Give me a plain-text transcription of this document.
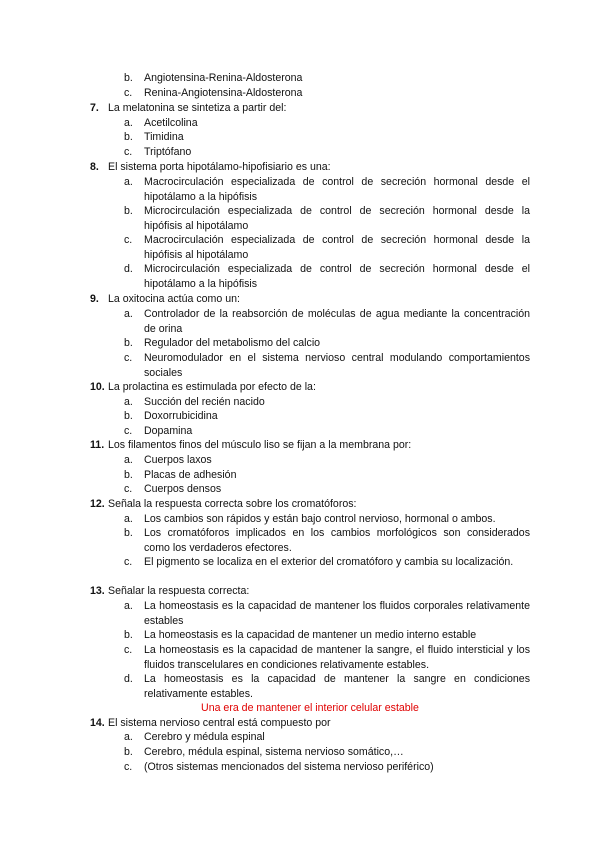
b.	Angiotensina-Renina-Aldosterona
c.	Renina-Angiotensina-Aldosterona
7. La melatonina se sintetiza a partir del:
a.	Acetilcolina
b.	Timidina
c.	Triptófano
8. El sistema porta hipotálamo-hipofisiario es una:
a.	Macrocirculación especializada de control de secreción hormonal desde el hipotálamo a la hipófisis
b.	Microcirculación especializada de control de secreción hormonal desde la hipófisis al hipotálamo
c.	Macrocirculación especializada de control de secreción hormonal desde la hipófisis al hipotálamo
d.	Microcirculación especializada de control de secreción hormonal desde el hipotálamo a la hipófisis
9. La oxitocina actúa como un:
a.	Controlador de la reabsorción de moléculas de agua mediante la concentración de orina
b.	Regulador del metabolismo del calcio
c.	Neuromodulador en el sistema nervioso central modulando comportamientos sociales
10. La prolactina es estimulada por efecto de la:
a.	Succión del recién nacido
b.	Doxorrubicidina
c.	Dopamina
11. Los filamentos finos del músculo liso se fijan a la membrana por:
a.	Cuerpos laxos
b.	Placas de adhesión
c.	Cuerpos densos
12. Señala la respuesta correcta sobre los cromatóforos:
a.	Los cambios son rápidos y están bajo control nervioso, hormonal o ambos.
b.	Los cromatóforos implicados en los cambios morfológicos son considerados como los verdaderos efectores.
c.	El pigmento se localiza en el exterior del cromatóforo y cambia su localización.
13. Señalar la respuesta correcta:
a.	La homeostasis es la capacidad de mantener los fluidos corporales relativamente estables
b.	La homeostasis es la capacidad de mantener un medio interno estable
c.	La homeostasis es la capacidad de mantener la sangre, el fluido intersticial y los fluidos transcelulares en condiciones relativamente estables.
d.	La homeostasis es la capacidad de mantener la sangre en condiciones relativamente estables.
Una era de mantener el interior celular estable
14. El sistema nervioso central está compuesto por
a.	Cerebro y médula espinal
b.	Cerebro, médula espinal, sistema nervioso somático,…
c.	(Otros sistemas mencionados del sistema nervioso periférico)
